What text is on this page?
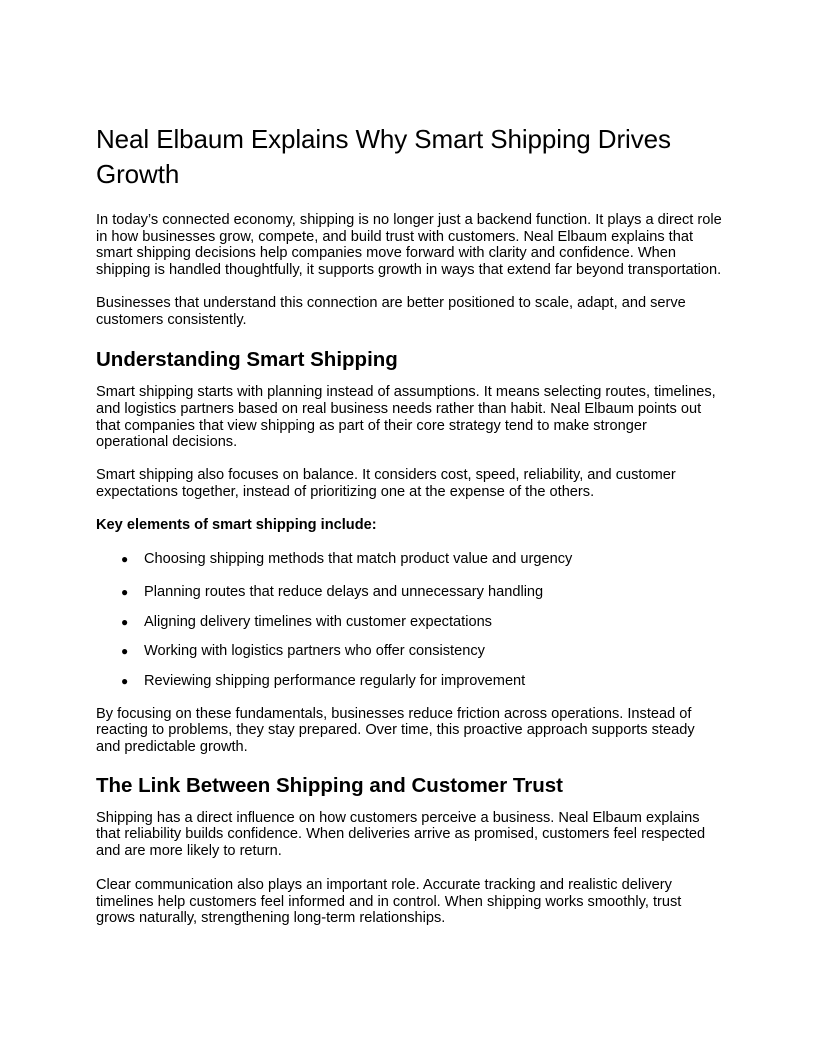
Neal Elbaum Explains Why Smart Shipping Drives Growth

In today’s connected economy, shipping is no longer just a backend function. It plays a direct role in how businesses grow, compete, and build trust with customers. Neal Elbaum explains that smart shipping decisions help companies move forward with clarity and confidence. When shipping is handled thoughtfully, it supports growth in ways that extend far beyond transportation.

Businesses that understand this connection are better positioned to scale, adapt, and serve customers consistently.

Understanding Smart Shipping

Smart shipping starts with planning instead of assumptions. It means selecting routes, timelines, and logistics partners based on real business needs rather than habit. Neal Elbaum points out that companies that view shipping as part of their core strategy tend to make stronger operational decisions.

Smart shipping also focuses on balance. It considers cost, speed, reliability, and customer expectations together, instead of prioritizing one at the expense of the others.

Key elements of smart shipping include:

● Choosing shipping methods that match product value and urgency
● Planning routes that reduce delays and unnecessary handling
● Aligning delivery timelines with customer expectations
● Working with logistics partners who offer consistency
● Reviewing shipping performance regularly for improvement

By focusing on these fundamentals, businesses reduce friction across operations. Instead of reacting to problems, they stay prepared. Over time, this proactive approach supports steady and predictable growth.

The Link Between Shipping and Customer Trust

Shipping has a direct influence on how customers perceive a business. Neal Elbaum explains that reliability builds confidence. When deliveries arrive as promised, customers feel respected and are more likely to return.

Clear communication also plays an important role. Accurate tracking and realistic delivery timelines help customers feel informed and in control. When shipping works smoothly, trust grows naturally, strengthening long-term relationships.
